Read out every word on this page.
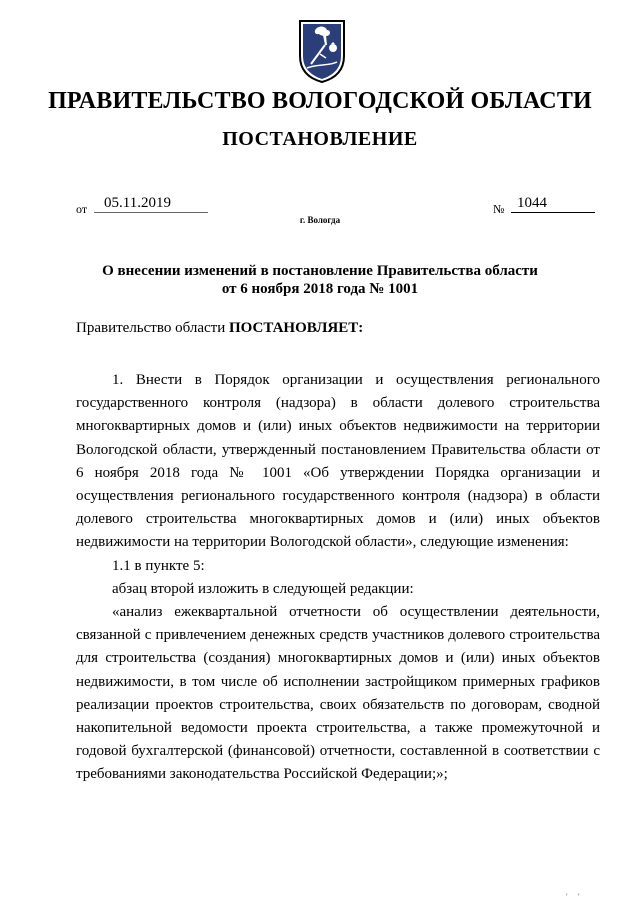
ПРАВИТЕЛЬСТВО ВОЛОГОДСКОЙ ОБЛАСТИ
ПОСТАНОВЛЕНИЕ
от	05.11.2019	№ 1044
г. Вологда
О внесении изменений в постановление Правительства области
от 6 ноября 2018 года № 1001
Правительство области ПОСТАНОВЛЯЕТ:

1. Внести в Порядок организации и осуществления регионального государственного контроля (надзора) в области долевого строительства многоквартирных домов и (или) иных объектов недвижимости на территории Вологодской области, утвержденный постановлением Правительства области от 6 ноября 2018 года № 1001 «Об утверждении Порядка организации и осуществления регионального государственного контроля (надзора) в области долевого строительства многоквартирных домов и (или) иных объектов недвижимости на территории Вологодской области», следующие изменения:

1.1 в пункте 5:

абзац второй изложить в следующей редакции:

«анализ ежеквартальной отчетности об осуществлении деятельности, связанной с привлечением денежных средств участников долевого строительства для строительства (создания) многоквартирных домов и (или) иных объектов недвижимости, в том числе об исполнении застройщиком примерных графиков реализации проектов строительства, своих обязательств по договорам, сводной накопительной ведомости проекта строительства, а также промежуточной и годовой бухгалтерской (финансовой) отчетности, составленной в соответствии с требованиями законодательства Российской Федерации;»;

' '
